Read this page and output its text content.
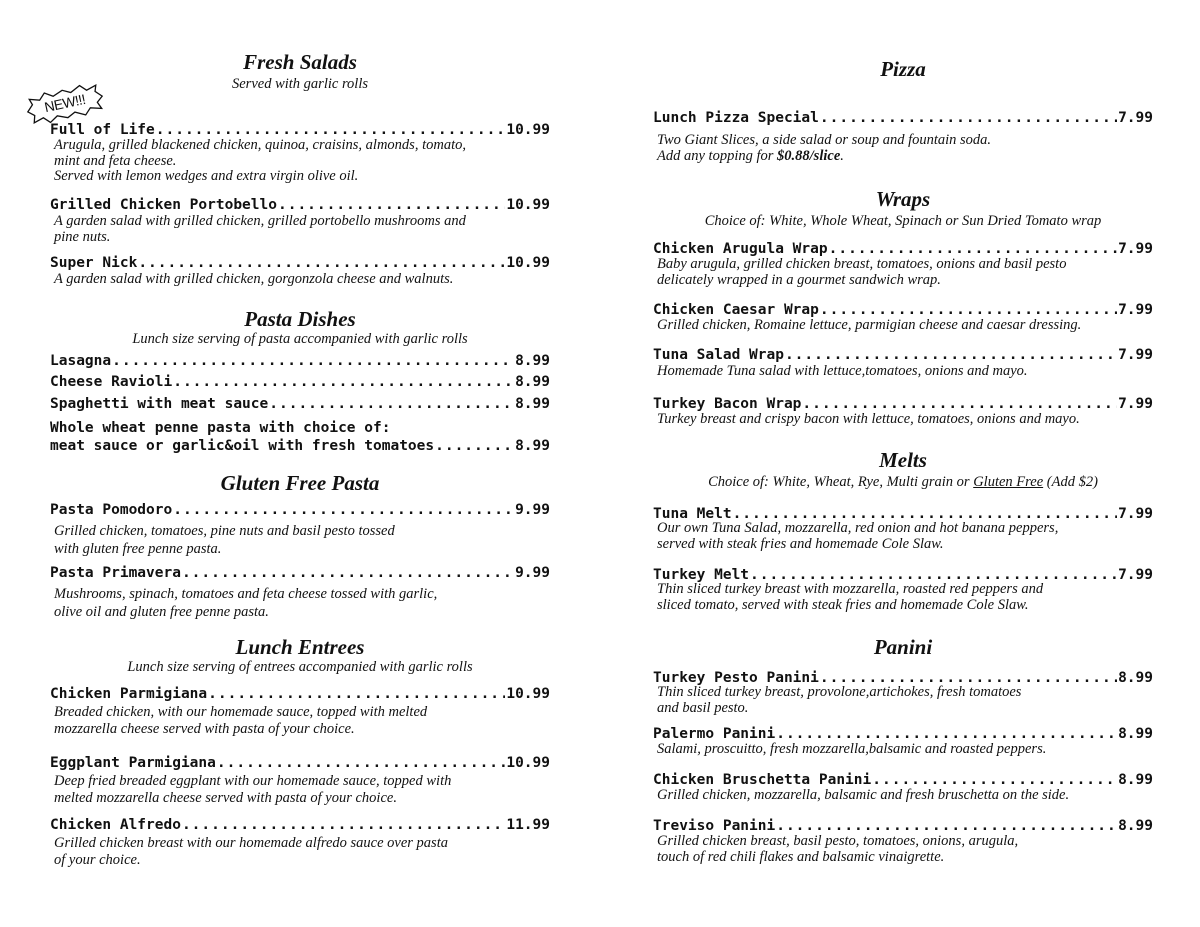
Fresh Salads
Served with garlic rolls
Full of Life .....	10.99
Arugula, grilled blackened chicken, quinoa, craisins, almonds, tomato,
mint and feta cheese.
Served with lemon wedges and extra virgin olive oil.
Grilled Chicken Portobello .....	10.99
A garden salad with grilled chicken, grilled portobello mushrooms and
pine nuts.
Super Nick .....	10.99
A garden salad with grilled chicken, gorgonzola cheese and walnuts.
Pasta Dishes
Lunch size serving of pasta accompanied with garlic rolls
Lasagna .....	8.99
Cheese Ravioli .....	8.99
Spaghetti with meat sauce .....	8.99
Whole wheat penne pasta with choice of:
meat sauce or garlic&oil with fresh tomatoes .....	8.99
Gluten Free Pasta
Pasta Pomodoro .....	9.99
Grilled chicken, tomatoes, pine nuts and basil pesto tossed
with gluten free penne pasta.
Pasta Primavera .....	9.99
Mushrooms, spinach, tomatoes and feta cheese tossed with garlic,
olive oil and gluten free penne pasta.
Lunch Entrees
Lunch size serving of entrees accompanied with garlic rolls
Chicken Parmigiana .....	10.99
Breaded chicken, with our homemade sauce, topped with melted
mozzarella cheese served with pasta of your choice.
Eggplant Parmigiana .....	10.99
Deep fried breaded eggplant with our homemade sauce, topped with
melted mozzarella cheese served with pasta of your choice.
Chicken Alfredo .....	11.99
Grilled chicken breast with our homemade alfredo sauce over pasta
of your choice.
NEW!!!
Pizza
Lunch Pizza Special .....	7.99
Two Giant Slices, a side salad or soup and fountain soda.
Add any topping for $0.88/slice.
Wraps
Choice of: White, Whole Wheat, Spinach or Sun Dried Tomato wrap
Chicken Arugula Wrap .....	7.99
Baby arugula, grilled chicken breast, tomatoes, onions and basil pesto
delicately wrapped in a gourmet sandwich wrap.
Chicken Caesar Wrap .....	7.99
Grilled chicken, Romaine lettuce, parmigian cheese and caesar dressing.
Tuna Salad Wrap .....	7.99
Homemade Tuna salad with lettuce,tomatoes, onions and mayo.
Turkey Bacon Wrap .....	7.99
Turkey breast and crispy bacon with lettuce, tomatoes, onions and mayo.
Melts
Choice of: White, Wheat, Rye, Multi grain or Gluten Free (Add $2)
Tuna Melt .....	7.99
Our own Tuna Salad, mozzarella, red onion and hot banana peppers,
served with steak fries and homemade Cole Slaw.
Turkey Melt .....	7.99
Thin sliced turkey breast with mozzarella, roasted red peppers and
sliced tomato, served with steak fries and homemade Cole Slaw.
Panini
Turkey Pesto Panini .....	8.99
Thin sliced turkey breast, provolone,artichokes, fresh tomatoes
and basil pesto.
Palermo Panini .....	8.99
Salami, proscuitto, fresh mozzarella,balsamic and roasted peppers.
Chicken Bruschetta Panini .....	8.99
Grilled chicken, mozzarella, balsamic and fresh bruschetta on the side.
Treviso Panini .....	8.99
Grilled chicken breast, basil pesto, tomatoes, onions, arugula,
touch of red chili flakes and balsamic vinaigrette.
